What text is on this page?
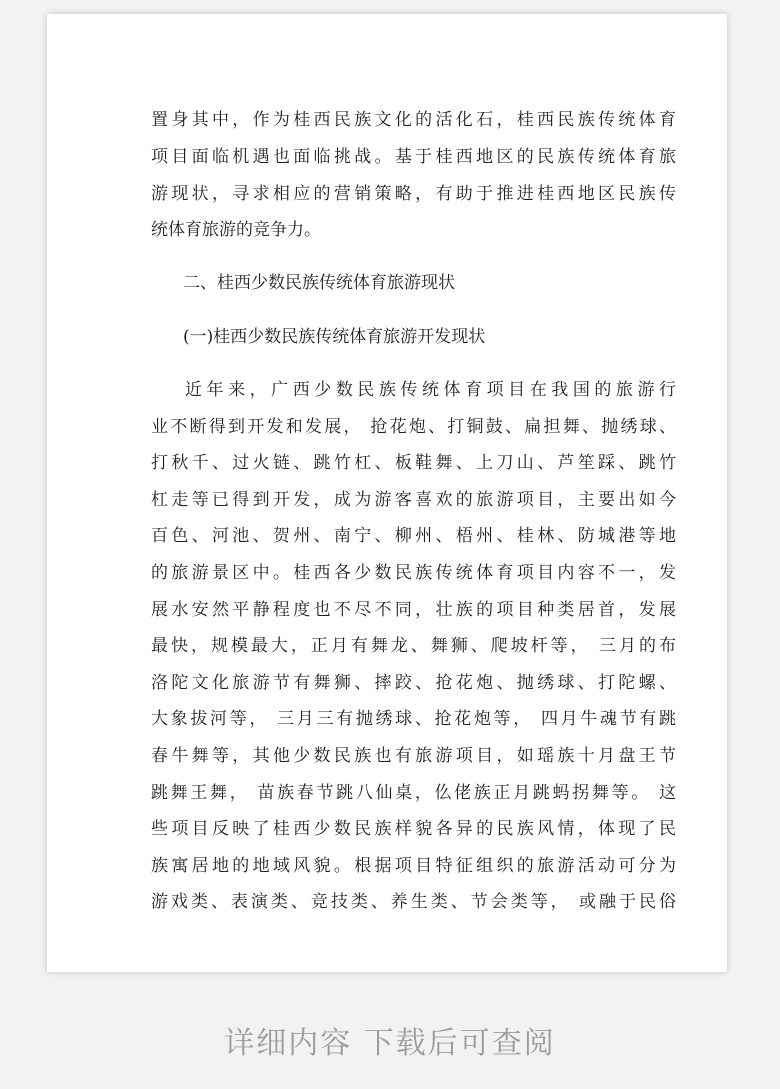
置身其中，作为桂西民族文化的活化石，桂西民族传统体育
项目面临机遇也面临挑战。基于桂西地区的民族传统体育旅
游现状，寻求相应的营销策略，有助于推进桂西地区民族传
统体育旅游的竞争力。
二、桂西少数民族传统体育旅游现状
(一)桂西少数民族传统体育旅游开发现状
近年来，广西少数民族传统体育项目在我国的旅游行
业不断得到开发和发展， 抢花炮、打铜鼓、扁担舞、抛绣球、
打秋千、过火链、跳竹杠、板鞋舞、上刀山、芦笙踩、跳竹
杠走等已得到开发，成为游客喜欢的旅游项目，主要出如今
百色、河池、贺州、南宁、柳州、梧州、桂林、防城港等地
的旅游景区中。桂西各少数民族传统体育项目内容不一，发
展水安然平静程度也不尽不同，壮族的项目种类居首，发展
最快，规模最大，正月有舞龙、舞狮、爬坡杆等， 三月的布
洛陀文化旅游节有舞狮、摔跤、抢花炮、抛绣球、打陀螺、
大象拔河等， 三月三有抛绣球、抢花炮等， 四月牛魂节有跳
春牛舞等，其他少数民族也有旅游项目，如瑶族十月盘王节
跳舞王舞， 苗族春节跳八仙桌，仫佬族正月跳蚂拐舞等。 这
些项目反映了桂西少数民族样貌各异的民族风情，体现了民
族寓居地的地域风貌。根据项目特征组织的旅游活动可分为
游戏类、表演类、竞技类、养生类、节会类等， 或融于民俗
详细内容 下载后可查阅
